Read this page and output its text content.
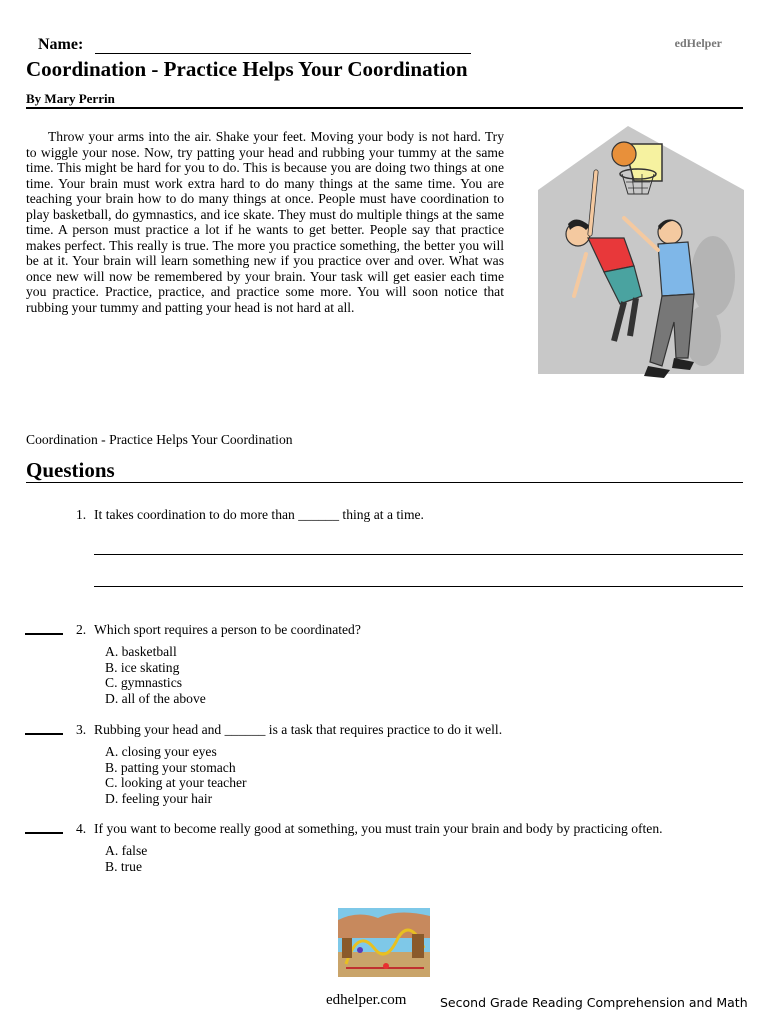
Name:	edHelper
Coordination - Practice Helps Your Coordination
By Mary Perrin
Throw your arms into the air. Shake your feet. Moving your body is not hard. Try to wiggle your nose. Now, try patting your head and rubbing your tummy at the same time. This might be hard for you to do. This is because you are doing two things at one time. Your brain must work extra hard to do many things at the same time. You are teaching your brain how to do many things at once. People must have coordination to play basketball, do gymnastics, and ice skate. They must do multiple things at the same time. A person must practice a lot if he wants to get better. People say that practice makes perfect. This really is true. The more you practice something, the better you will be at it. Your brain will learn something new if you practice over and over. What was once new will now be remembered by your brain. Your task will get easier each time you practice. Practice, practice, and practice some more. You will soon notice that rubbing your tummy and patting your head is not hard at all.
Coordination - Practice Helps Your Coordination
Questions
1. It takes coordination to do more than ______ thing at a time.
2. Which sport requires a person to be coordinated?
A. basketball
B. ice skating
C. gymnastics
D. all of the above
3. Rubbing your head and ______ is a task that requires practice to do it well.
A. closing your eyes
B. patting your stomach
C. looking at your teacher
D. feeling your hair
4. If you want to become really good at something, you must train your brain and body by practicing often.
A. false
B. true
edhelper.com	Second Grade Reading Comprehension and Math
